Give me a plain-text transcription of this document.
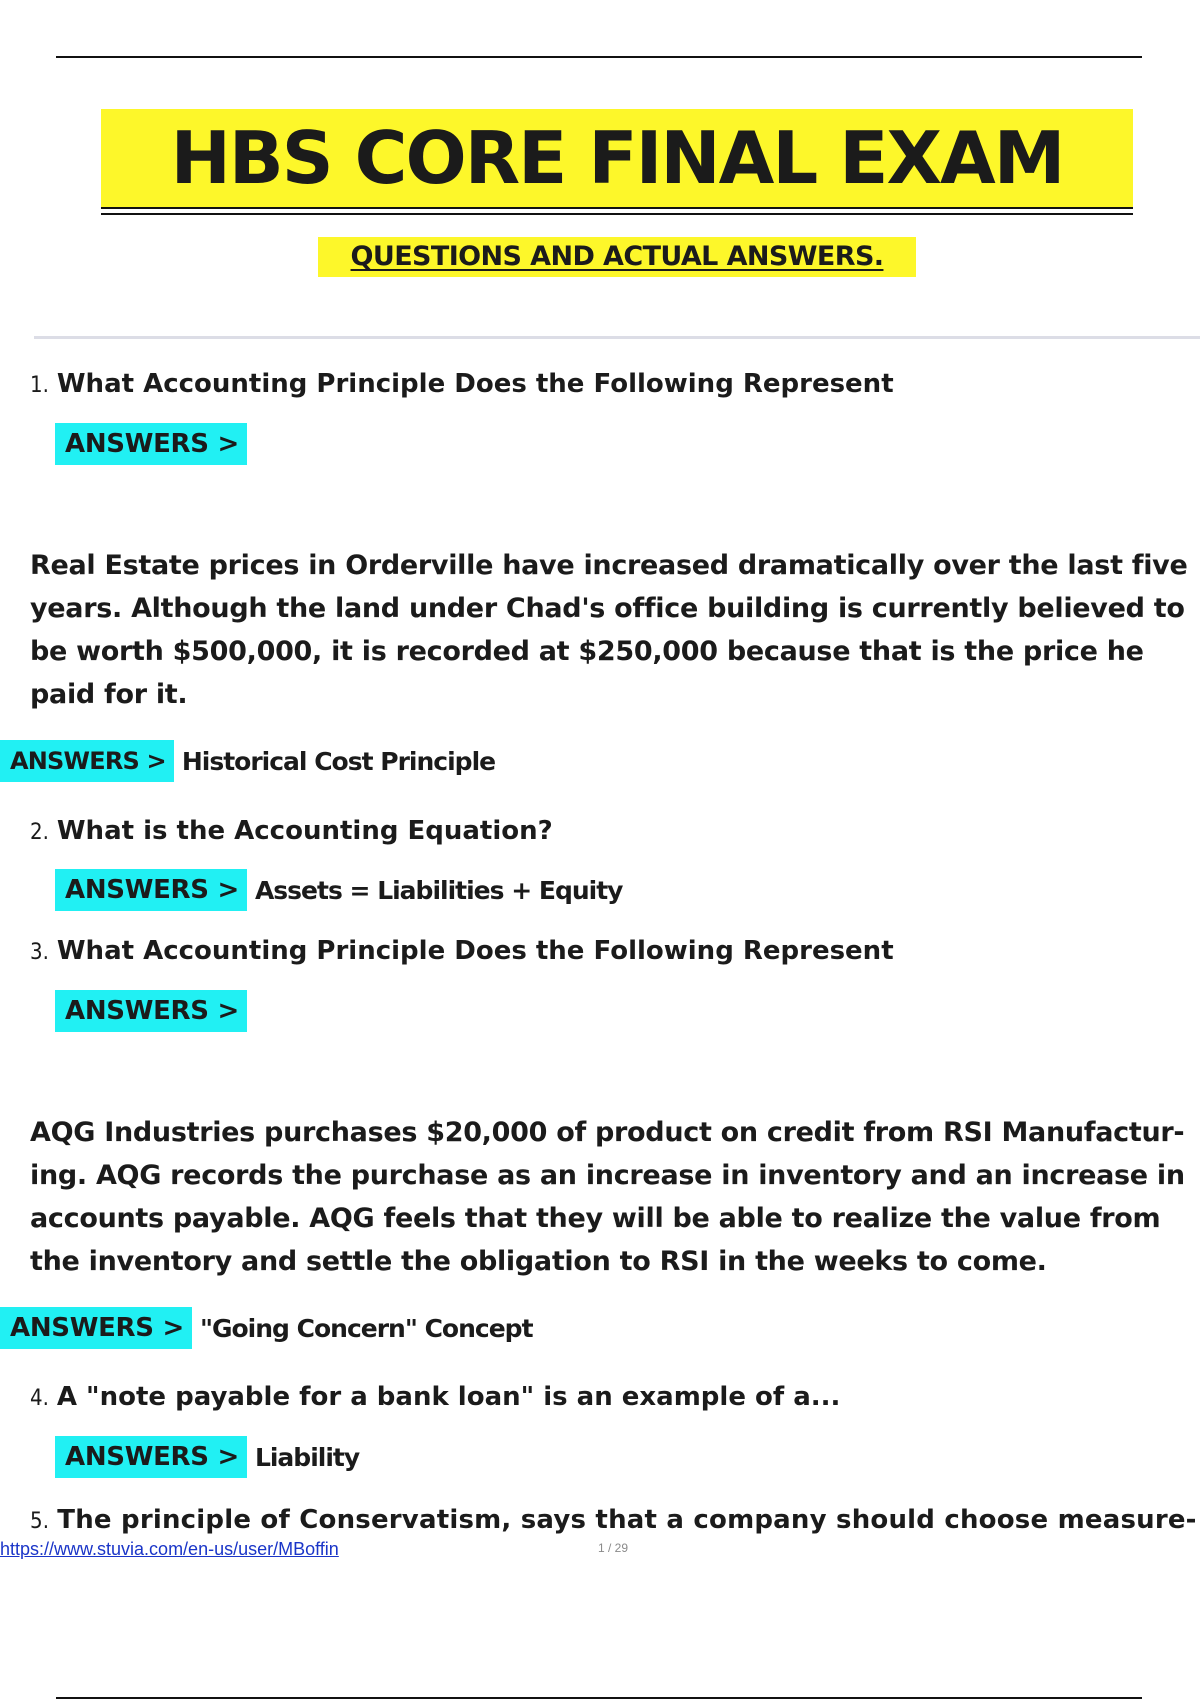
HBS CORE FINAL EXAM
QUESTIONS AND ACTUAL ANSWERS.
1. What Accounting Principle Does the Following Represent
ANSWERS >
Real Estate prices in Orderville have increased dramatically over the last five years. Although the land under Chad's office building is currently believed to be worth $500,000, it is recorded at $250,000 because that is the price he paid for it.
ANSWERS > Historical Cost Principle
2. What is the Accounting Equation?
ANSWERS > Assets = Liabilities + Equity
3. What Accounting Principle Does the Following Represent
ANSWERS >
AQG Industries purchases $20,000 of product on credit from RSI Manufactur- ing. AQG records the purchase as an increase in inventory and an increase in accounts payable. AQG feels that they will be able to realize the value from the inventory and settle the obligation to RSI in the weeks to come.
ANSWERS > "Going Concern" Concept
4. A "note payable for a bank loan" is an example of a...
ANSWERS > Liability
5. The principle of Conservatism, says that a company should choose measure-
https://www.stuvia.com/en-us/user/MBoffin	1 / 29
